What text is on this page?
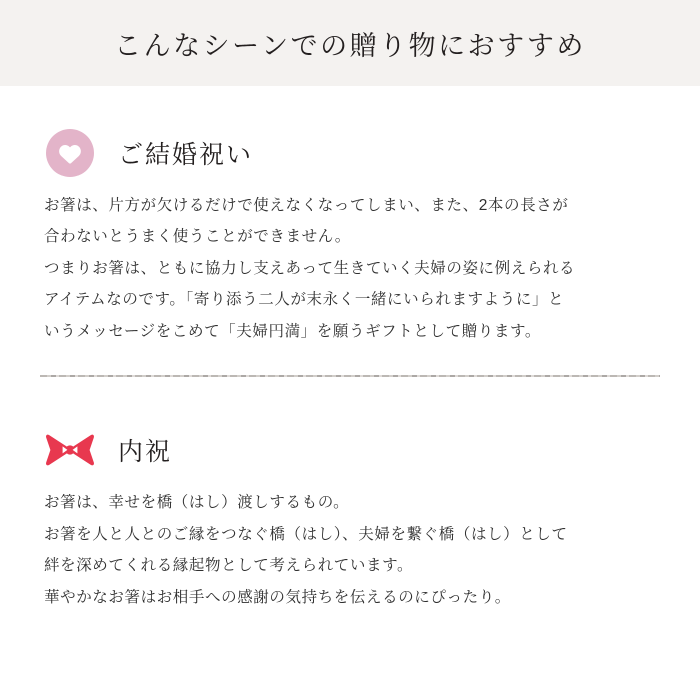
こんなシーンでの贈り物におすすめ
ご結婚祝い

お箸は、片方が欠けるだけで使えなくなってしまい、また、2本の長さが

合わないとうまく使うことができません。

つまりお箸は、ともに協力し支えあって生きていく夫婦の姿に例えられる

アイテムなのです。「寄り添う二人が末永く一緒にいられますように」と

いうメッセージをこめて「夫婦円満」を願うギフトとして贈ります。

内祝

お箸は、幸せを橋（はし）渡しするもの。

お箸を人と人とのご縁をつなぐ橋（はし）、夫婦を繋ぐ橋（はし）として

絆を深めてくれる縁起物として考えられています。

華やかなお箸はお相手への感謝の気持ちを伝えるのにぴったり。
